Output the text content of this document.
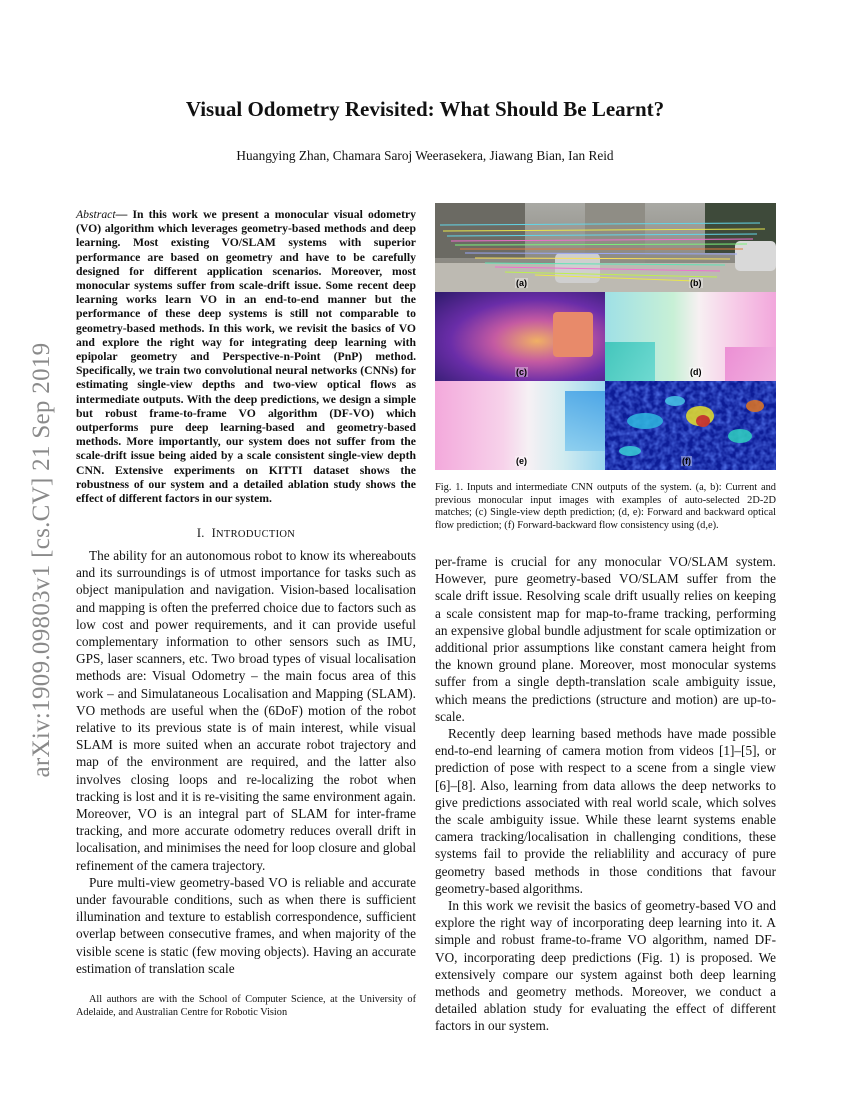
arXiv:1909.09803v1 [cs.CV] 21 Sep 2019
Visual Odometry Revisited: What Should Be Learnt?
Huangying Zhan, Chamara Saroj Weerasekera, Jiawang Bian, Ian Reid
Abstract— In this work we present a monocular visual odometry (VO) algorithm which leverages geometry-based methods and deep learning. Most existing VO/SLAM systems with superior performance are based on geometry and have to be carefully designed for different application scenarios. Moreover, most monocular systems suffer from scale-drift issue. Some recent deep learning works learn VO in an end-to-end manner but the performance of these deep systems is still not comparable to geometry-based methods. In this work, we revisit the basics of VO and explore the right way for integrating deep learning with epipolar geometry and Perspective-n-Point (PnP) method. Specifically, we train two convolutional neural networks (CNNs) for estimating single-view depths and two-view optical flows as intermediate outputs. With the deep predictions, we design a simple but robust frame-to-frame VO algorithm (DF-VO) which outperforms pure deep learning-based and geometry-based methods. More importantly, our system does not suffer from the scale-drift issue being aided by a scale consistent single-view depth CNN. Extensive experiments on KITTI dataset shows the robustness of our system and a detailed ablation study shows the effect of different factors in our system.
I. INTRODUCTION

The ability for an autonomous robot to know its whereabouts and its surroundings is of utmost importance for tasks such as object manipulation and navigation. Vision-based localisation and mapping is often the preferred choice due to factors such as low cost and power requirements, and it can provide useful complementary information to other sensors such as IMU, GPS, laser scanners, etc. Two broad types of visual localisation methods are: Visual Odometry – the main focus area of this work – and Simulataneous Localisation and Mapping (SLAM). VO methods are useful when the (6DoF) motion of the robot relative to its previous state is of main interest, while visual SLAM is more suited when an accurate robot trajectory and map of the environment are required, and the latter also involves closing loops and re-localizing the robot when tracking is lost and it is re-visiting the same environment again. Moreover, VO is an integral part of SLAM for inter-frame tracking, and more accurate odometry reduces overall drift in localisation, and minimises the need for loop closure and global refinement of the camera trajectory.

Pure multi-view geometry-based VO is reliable and accurate under favourable conditions, such as when there is sufficient illumination and texture to establish correspondence, sufficient overlap between consecutive frames, and when majority of the visible scene is static (few moving objects). Having an accurate estimation of translation scale

All authors are with the School of Computer Science, at the University of Adelaide, and Australian Centre for Robotic Vision

(a)	(b)
(c)	(d)
(e)	(f)
Fig. 1. Inputs and intermediate CNN outputs of the system. (a, b): Current and previous monocular input images with examples of auto-selected 2D-2D matches; (c) Single-view depth prediction; (d, e): Forward and backward optical flow prediction; (f) Forward-backward flow consistency using (d,e).

per-frame is crucial for any monocular VO/SLAM system. However, pure geometry-based VO/SLAM suffer from the scale drift issue. Resolving scale drift usually relies on keeping a scale consistent map for map-to-frame tracking, performing an expensive global bundle adjustment for scale optimization or additional prior assumptions like constant camera height from the known ground plane. Moreover, most monocular systems suffer from a single depth-translation scale ambiguity issue, which means the predictions (structure and motion) are up-to-scale.

Recently deep learning based methods have made possible end-to-end learning of camera motion from videos [1]–[5], or prediction of pose with respect to a scene from a single view [6]–[8]. Also, learning from data allows the deep networks to give predictions associated with real world scale, which solves the scale ambiguity issue. While these learnt systems enable camera tracking/localisation in challenging conditions, these systems fail to provide the reliablility and accuracy of pure geometry based methods in those conditions that favour geometry-based algorithms.

In this work we revisit the basics of geometry-based VO and explore the right way of incorporating deep learning into it. A simple and robust frame-to-frame VO algorithm, named DF-VO, incorporating deep predictions (Fig. 1) is proposed. We extensively compare our system against both deep learning methods and geometry methods. Moreover, we conduct a detailed ablation study for evaluating the effect of different factors in our system.
